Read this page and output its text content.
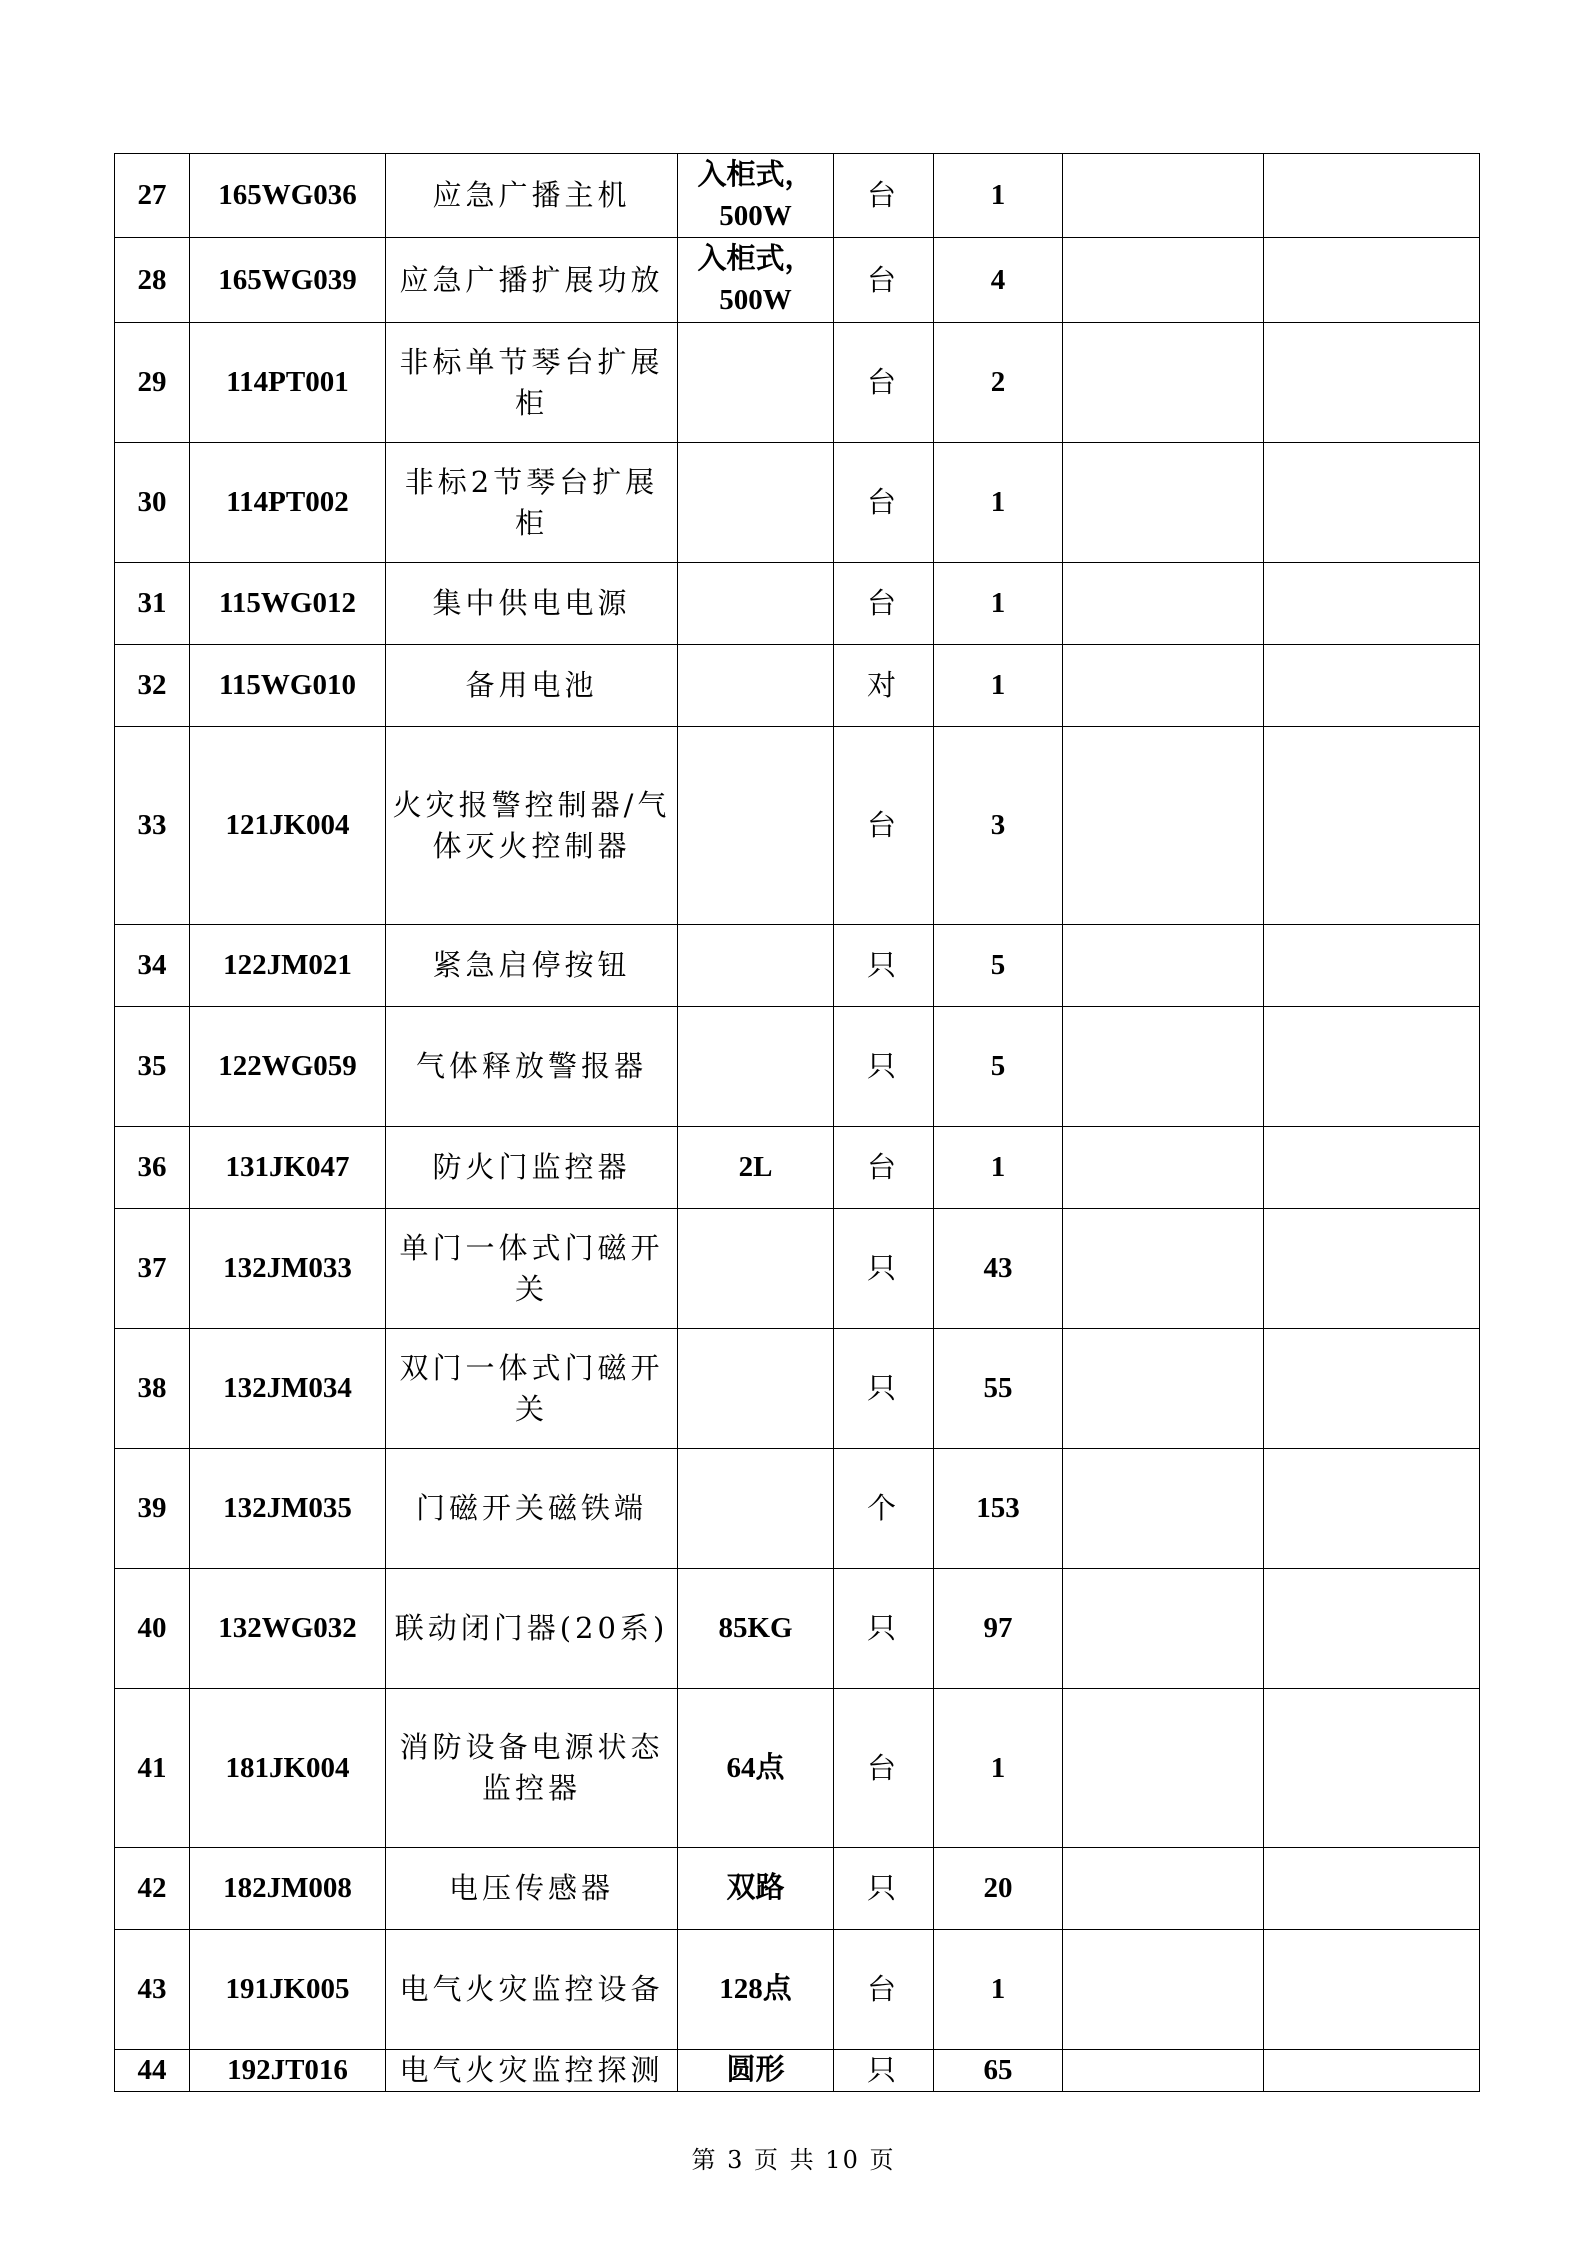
27	165WG036	应急广播主机	入柜式，500W	台	1		
28	165WG039	应急广播扩展功放	入柜式，500W	台	4		
29	114PT001	非标单节琴台扩展柜		台	2		
30	114PT002	非标2节琴台扩展柜		台	1		
31	115WG012	集中供电电源		台	1		
32	115WG010	备用电池		对	1		
33	121JK004	火灾报警控制器/气体灭火控制器		台	3		
34	122JM021	紧急启停按钮		只	5		
35	122WG059	气体释放警报器		只	5		
36	131JK047	防火门监控器	2L	台	1		
37	132JM033	单门一体式门磁开关		只	43		
38	132JM034	双门一体式门磁开关		只	55		
39	132JM035	门磁开关磁铁端		个	153		
40	132WG032	联动闭门器(20系)	85KG	只	97		
41	181JK004	消防设备电源状态监控器	64点	台	1		
42	182JM008	电压传感器	双路	只	20		
43	191JK005	电气火灾监控设备	128点	台	1		
44	192JT016	电气火灾监控探测	圆形	只	65		
第 3 页 共 10 页
